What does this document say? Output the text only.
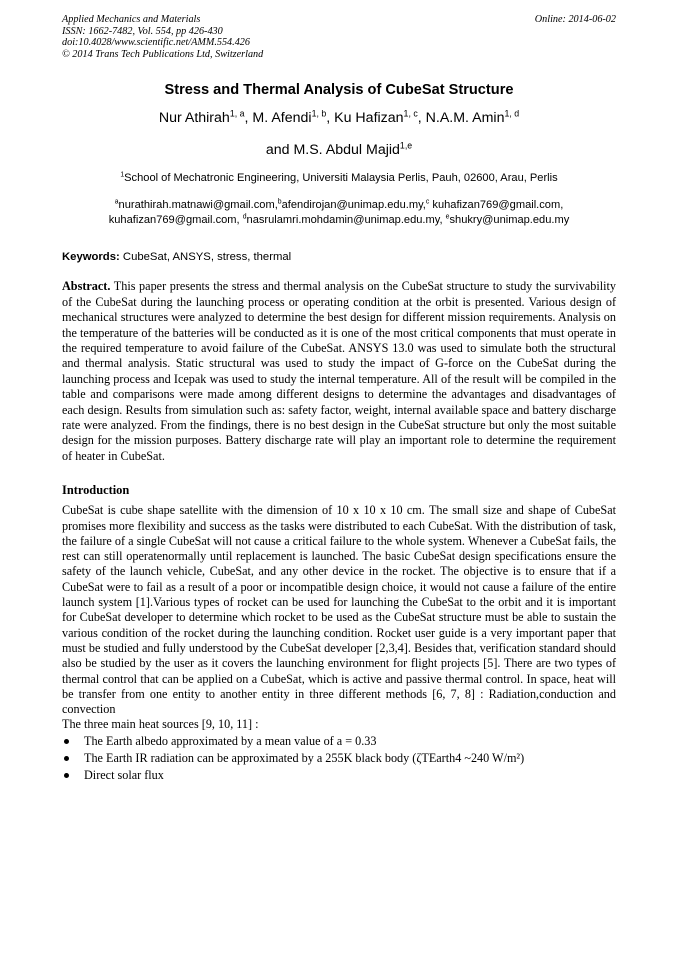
Applied Mechanics and Materials
ISSN: 1662-7482, Vol. 554, pp 426-430
doi:10.4028/www.scientific.net/AMM.554.426
© 2014 Trans Tech Publications Ltd, Switzerland
Online: 2014-06-02
Stress and Thermal Analysis of CubeSat Structure
Nur Athirah$^{1, a}$, M. Afendi$^{1, b}$, Ku Hafizan$^{1, c}$, N.A.M. Amin$^{1, d}$
and M.S. Abdul Majid$^{1,e}$
$^1$School of Mechatronic Engineering, Universiti Malaysia Perlis, Pauh, 02600, Arau, Perlis
$^a$nurathirah.matnawi@gmail.com,$^b$afendirojan@unimap.edu.my,$^c$ kuhafizan769@gmail.com,
kuhafizan769@gmail.com, $^d$nasrulamri.mohdamin@unimap.edu.my, $^e$shukry@unimap.edu.my
Keywords: CubeSat, ANSYS, stress, thermal
Abstract. This paper presents the stress and thermal analysis on the CubeSat structure to study the survivability of the CubeSat during the launching process or operating condition at the orbit is presented. Various design of mechanical structures were analyzed to determine the best design for different mission requirements. Analysis on the temperature of the batteries will be conducted as it is one of the most critical components that must operate in the required temperature to avoid failure of the CubeSat. ANSYS 13.0 was used to simulate both the structural and thermal analysis. Static structural was used to study the impact of G-force on the CubeSat during the launching process and Icepak was used to study the internal temperature. All of the result will be compiled in the table and comparisons were made among different designs to determine the advantages and disadvantages of each design. Results from simulation such as: safety factor, weight, internal available space and battery discharge rate were analyzed. From the findings, there is no best design in the CubeSat structure but only the most suitable design for the mission purposes. Battery discharge rate will play an important role to determine the requirement of heater in CubeSat.
Introduction

CubeSat is cube shape satellite with the dimension of 10 x 10 x 10 cm. The small size and shape of CubeSat promises more flexibility and success as the tasks were distributed to each CubeSat. With the distribution of task, the failure of a single CubeSat will not cause a critical failure to the whole system. Whenever a CubeSat fails, the rest can still operatenormally until replacement is launched. The basic CubeSat design specifications ensure the safety of the launch vehicle, CubeSat, and any other device in the rocket. The objective is to ensure that if a CubeSat were to fail as a result of a poor or incompatible design choice, it would not cause a failure of the entire launch system [1].Various types of rocket can be used for launching the CubeSat to the orbit and it is important for CubeSat developer to determine which rocket to be used as the CubeSat structure must be able to sustain the various condition of the rocket during the launching condition. Rocket user guide is a very important paper that must be studied and fully understood by the CubeSat developer [2,3,4]. Besides that, verification standard should also be studied by the user as it covers the launching environment for flight projects [5]. There are two types of thermal control that can be applied on a CubeSat, which is active and passive thermal control. In space, heat will be transfer from one entity to another entity in three different methods [6, 7, 8] : Radiation,conduction and convection

The three main heat sources [9, 10, 11] :

The Earth albedo approximated by a mean value of a = 0.33
The Earth IR radiation can be approximated by a 255K black body (ζTEarth4 ~240 W/m²)
Direct solar flux
